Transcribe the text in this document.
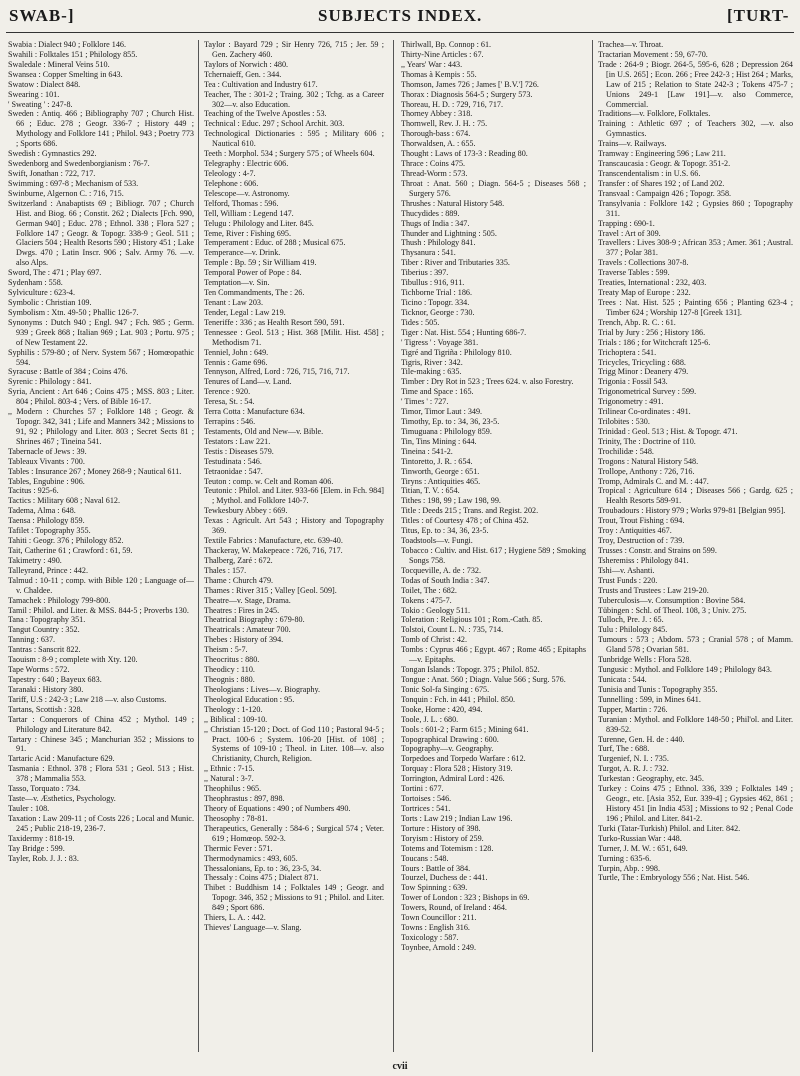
SWAB-]	SUBJECTS INDEX.	[TURT-
Swabia : Dialect 940 ; Folklore 146.
Swahili : Folktales 151 ; Philology 855.
Swaledale : Mineral Veins 510.
Swansea : Copper Smelting in 643.
Swatow : Dialect 848.
Swearing : 101.
' Sweating ' : 247-8.
Sweden : Antiq. 466 ; Bibliography 707 ; Church Hist. 66 ; Educ. 278 ; Geogr. 336-7 ; History 449 ; Mythology and Folklore 141 ; Philol. 943 ; Poetry 773 ; Sports 686.
Swedish : Gymnastics 292.
Swedenborg and Swedenborgianism : 76-7.
Swift, Jonathan : 722, 717.
Swimming : 697-8 ; Mechanism of 533.
Swinburne, Algernon C. : 716, 715.
Switzerland : Anabaptists 69 ; Bibliogr. 707 ; Church Hist. and Biog. 66 ; Constit. 262 ; Dialects [Fch. 990, German 940] ; Educ. 278 ; Ethnol. 338 ; Flora 527 ; Folklore 147 ; Geogr. & Topogr. 338-9 ; Geol. 511 ; Glaciers 504 ; Health Resorts 590 ; History 451 ; Lake Dwgs. 470 ; Latin Inscr. 906 ; Salv. Army 76. —v. also Alps.
Sword, The : 471 ; Play 697.
Sydenham : 558.
Sylviculture : 623-4.
Symbolic : Christian 109.
Symbolism : Xtn. 49-50 ; Phallic 126-7.
Synonyms : Dutch 940 ; Engl. 947 ; Fch. 985 ; Germ. 939 ; Greek 868 ; Italian 969 ; Lat. 903 ; Portu. 975 ; of New Testament 22.
Syphilis : 579-80 ; of Nerv. System 567 ; Homœopathic 594.
Syracuse : Battle of 384 ; Coins 476.
Syrenic : Philology : 841.
Syria, Ancient : Art 646 ; Coins 475 ; MSS. 803 ; Liter. 804 ; Philol. 803-4 ; Vers. of Bible 16-17.
,, Modern : Churches 57 ; Folklore 148 ; Geogr. & Topogr. 342, 341 ; Life and Manners 342 ; Missions to 91, 92 ; Philology and Liter. 803 ; Secret Sects 81 ; Shrines 467 ; Tineina 541.
Tabernacle of Jews : 39.
Tableaux Vivants : 700.
Tables : Insurance 267 ; Money 268-9 ; Nautical 611.
Tables, Engubine : 906.
Tacitus : 925-6.
Tactics : Military 608 ; Naval 612.
Tadema, Alma : 648.
Taensa : Philology 859.
Tafilet : Topography 355.
Tahiti : Geogr. 376 ; Philology 852.
Tait, Catherine 61 ; Crawford : 61, 59.
Takimetry : 490.
Talleyrand, Prince : 442.
Talmud : 10-11 ; comp. with Bible 120 ; Language of—v. Chaldee.
Tamachek : Philology 799-800.
Tamil : Philol. and Liter. & MSS. 844-5 ; Proverbs 130.
Tana : Topography 351.
Tangut Country : 352.
Tanning : 637.
Tantras : Sanscrit 822.
Taouism : 8-9 ; complete with Xty. 120.
Tape Worms : 572.
Tapestry : 640 ; Bayeux 683.
Taranaki : History 380.
Tariff, U.S : 242-3 ; Law 218 —v. also Customs.
Tartans, Scottish : 328.
Tartar : Conquerors of China 452 ; Mythol. 149 ; Philology and Literature 842.
Tartary : Chinese 345 ; Manchurian 352 ; Missions to 91.
Tartaric Acid : Manufacture 629.
Tasmania : Ethnol. 378 ; Flora 531 ; Geol. 513 ; Hist. 378 ; Mammalia 553.
Tasso, Torquato : 734.
Taste—v. Æsthetics, Psychology.
Tauler : 108.
Taxation : Law 209-11 ; of Costs 226 ; Local and Munic. 245 ; Public 218-19, 236-7.
Taxidermy : 818-19.
Tay Bridge : 599.
Tayler, Rob. J. J. : 83.
Taylor : Bayard 729 ; Sir Henry 726, 715 ; Jer. 59 ; Gen. Zachery 460.
Taylors of Norwich : 480.
Tchernaieff, Gen. : 344.
Tea : Cultivation and Industry 617.
Teacher, The : 301-2 ; Traing. 302 ; Tchg. as a Career 302—v. also Education.
Teaching of the Twelve Apostles : 53.
Technical : Educ. 297 ; School Archit. 303.
Technological Dictionaries : 595 ; Military 606 ; Nautical 610.
Teeth : Morphol. 534 ; Surgery 575 ; of Wheels 604.
Telegraphy : Electric 606.
Teleology : 4-7.
Telephone : 606.
Telescope—v. Astronomy.
Telford, Thomas : 596.
Tell, William : Legend 147.
Telugu : Philology and Liter. 845.
Teme, River : Fishing 695.
Temperament : Educ. of 288 ; Musical 675.
Temperance—v. Drink.
Temple : Bp. 59 ; Sir William 419.
Temporal Power of Pope : 84.
Temptation—v. Sin.
Ten Commandments, The : 26.
Tenant : Law 203.
Tender, Legal : Law 219.
Teneriffe : 336 ; as Health Resort 590, 591.
Tennessee : Geol. 513 ; Hist. 368 [Milit. Hist. 458] ; Methodism 71.
Tenniel, John : 649.
Tennis : Game 696.
Tennyson, Alfred, Lord : 726, 715, 716, 717.
Tenures of Land—v. Land.
Terence : 920.
Teresa, St. : 54.
Terra Cotta : Manufacture 634.
Terrapins : 546.
Testaments, Old and New—v. Bible.
Testators : Law 221.
Testis : Diseases 579.
Testudinata : 546.
Tetraonidae : 547.
Teuton : comp. w. Celt and Roman 406.
Teutonic : Philol. and Liter. 933-66 [Elem. in Fch. 984] ; Mythol. and Folklore 140-7.
Tewkesbury Abbey : 669.
Texas : Agricult. Art 543 ; History and Topography 369.
Textile Fabrics : Manufacture, etc. 639-40.
Thackeray, W. Makepeace : 726, 716, 717.
Thalberg, Zaré : 672.
Thales : 157.
Thame : Church 479.
Thames : River 315 ; Valley [Geol. 509].
Theatre—v. Stage, Drama.
Theatres : Fires in 245.
Theatrical Biography : 679-80.
Theatricals : Amateur 700.
Thebes : History of 394.
Theism : 5-7.
Theocritus : 880.
Theodicy : 110.
Theognis : 880.
Theologians : Lives—v. Biography.
Theological Education : 95.
Theology : 1-120.
,, Biblical : 109-10.
,, Christian 15-120 ; Doct. of God 110 ; Pastoral 94-5 ; Pract. 100-6 ; System. 106-20 [Hist. of 108] ; Systems of 109-10 ; Theol. in Liter. 108—v. also Christianity, Church, Religion.
,, Ethnic : 7-15.
,, Natural : 3-7.
Theophilus : 965.
Theophrastus : 897, 898.
Theory of Equations : 490 ; of Numbers 490.
Theosophy : 78-81.
Therapeutics, Generally : 584-6 ; Surgical 574 ; Veter. 619 ; Homœop. 592-3.
Thermic Fever : 571.
Thermodynamics : 493, 605.
Thessalonians, Ep. to : 36, 23-5, 34.
Thessaly : Coins 475 ; Dialect 871.
Thibet : Buddhism 14 ; Folktales 149 ; Geogr. and Topogr. 346, 352 ; Missions to 91 ; Philol. and Liter. 849 ; Sport 686.
Thiers, L. A. : 442.
Thieves' Language—v. Slang.
Thirlwall, Bp. Connop : 61.
Thirty-Nine Articles : 67.
,, Years' War : 443.
Thomas à Kempis : 55.
Thomson, James 726 ; James [' B.V.'] 726.
Thorax : Diagnosis 564-5 ; Surgery 573.
Thoreau, H. D. : 729, 716, 717.
Thorney Abbey : 318.
Thornwell, Rev. J. H. : 75.
Thorough-bass : 674.
Thorwaldsen, A. : 655.
Thought : Laws of 173-3 : Reading 80.
Thrace : Coins 475.
Thread-Worm : 573.
Throat : Anat. 560 ; Diagn. 564-5 ; Diseases 568 ; Surgery 576.
Thrushes : Natural History 548.
Thucydides : 889.
Thugs of India : 347.
Thunder and Lightning : 505.
Thush : Philology 841.
Thysanura : 541.
Tiber : River and Tributaries 335.
Tiberius : 397.
Tibullus : 916, 911.
Tichborne Trial : 186.
Ticino : Topogr. 334.
Ticknor, George : 730.
Tides : 505.
Tiger : Nat. Hist. 554 ; Hunting 686-7.
' Tigress ' : Voyage 381.
Tigré and Tigriña : Philology 810.
Tigris, River : 342.
Tile-making : 635.
Timber : Dry Rot in 523 ; Trees 624. v. also Forestry.
Time and Space : 165.
' Times ' : 727.
Timor, Timor Laut : 349.
Timothy, Ep. to : 34, 36, 23-5.
Timuguana : Philology 859.
Tin, Tins Mining : 644.
Tineina : 541-2.
Tintoretto, J. R. : 654.
Tinworth, George : 651.
Tiryns : Antiquities 465.
Titian, T. V. : 654.
Tithes : 198, 99 ; Law 198, 99.
Title : Deeds 215 ; Trans. and Regist. 202.
Titles : of Courtesy 478 ; of China 452.
Titus, Ep. to : 34, 36, 23-5.
Toadstools—v. Fungi.
Tobacco : Cultiv. and Hist. 617 ; Hygiene 589 ; Smoking Songs 758.
Tocqueville, A. de : 732.
Todas of South India : 347.
Toilet, The : 682.
Tokens : 475-7.
Tokio : Geology 511.
Toleration : Religious 101 ; Rom.-Cath. 85.
Tolstoi, Count L. N. : 735, 714.
Tomb of Christ : 42.
Tombs : Cyprus 466 ; Egypt. 467 ; Rome 465 ; Epitaphs—v. Epitaphs.
Tongan Islands : Topogr. 375 ; Philol. 852.
Tongue : Anat. 560 ; Diagn. Value 566 ; Surg. 576.
Tonic Sol-fa Singing : 675.
Tonquin : Fch. in 441 ; Philol. 850.
Tooke, Horne : 420, 494.
Toole, J. L. : 680.
Tools : 601-2 ; Farm 615 ; Mining 641.
Topographical Drawing : 600.
Topography—v. Geography.
Torpedoes and Torpedo Warfare : 612.
Torquay : Flora 528 ; History 319.
Torrington, Admiral Lord : 426.
Tortini : 677.
Tortoises : 546.
Tortrices : 541.
Torts : Law 219 ; Indian Law 196.
Torture : History of 398.
Toryism : History of 259.
Totems and Totemism : 128.
Toucans : 548.
Tours : Battle of 384.
Tourzel, Duchess de : 441.
Tow Spinning : 639.
Tower of London : 323 ; Bishops in 69.
Towers, Round, of Ireland : 464.
Town Councillor : 211.
Towns : English 316.
Toxicology : 587.
Toynbee, Arnold : 249.
Trachea—v. Throat.
Tractarian Movement : 59, 67-70.
Trade : 264-9 ; Biogr. 264-5, 595-6, 628 ; Depression 264 [in U.S. 265] ; Econ. 266 ; Free 242-3 ; Hist 264 ; Marks, Law of 215 ; Relation to State 242-3 ; Tokens 475-7 ; Unions 249-1 [Law 191]—v. also Commerce, Commercial.
Traditions—v. Folklore, Folktales.
Training : Athletic 697 ; of Teachers 302, —v. also Gymnastics.
Trains—v. Railways.
Tramway : Engineering 596 ; Law 211.
Transcaucasia : Geogr. & Topogr. 351-2.
Transcendentalism : in U.S. 66.
Transfer : of Shares 192 ; of Land 202.
Transvaal : Campaign 426 ; Topogr. 358.
Transylvania : Folklore 142 ; Gypsies 860 ; Topography 311.
Trapping : 690-1.
Travel : Art of 309.
Travellers : Lives 308-9 ; African 353 ; Amer. 361 ; Austral. 377 ; Polar 381.
Travels : Collections 307-8.
Traverse Tables : 599.
Treaties, International : 232, 403.
Treaty Map of Europe : 232.
Trees : Nat. Hist. 525 ; Painting 656 ; Planting 623-4 ; Timber 624 ; Worship 127-8 [Greek 131].
Trench, Abp. R. C. : 61.
Trial by Jury : 256 ; History 186.
Trials : 186 ; for Witchcraft 125-6.
Trichoptera : 541.
Tricycles, Tricycling : 688.
Trigg Minor : Deanery 479.
Trigonia : Fossil 543.
Trigonometrical Survey : 599.
Trigonometry : 491.
Trilinear Co-ordinates : 491.
Trilobites : 530.
Trinidad : Geol. 513 ; Hist. & Topogr. 471.
Trinity, The : Doctrine of 110.
Trochilidæ : 548.
Trogons : Natural History 548.
Trollope, Anthony : 726, 716.
Tromp, Admirals C. and M. : 447.
Tropical : Agriculture 614 ; Diseases 566 ; Gardg. 625 ; Health Resorts 589-91.
Troubadours : History 979 ; Works 979-81 [Belgian 995].
Trout, Trout Fishing : 694.
Troy : Antiquities 467.
Troy, Destruction of : 739.
Trusses : Constr. and Strains on 599.
Tsheremiss : Philology 841.
Tshi—v. Ashanti.
Trust Funds : 220.
Trusts and Trustees : Law 219-20.
Tuberculosis—v. Consumption : Bovine 584.
Tübingen : Schl. of Theol. 108, 3 ; Univ. 275.
Tulloch, Pre. J. : 65.
Tulu : Philology 845.
Tumours : 573 ; Abdom. 573 ; Cranial 578 ; of Mamm. Gland 578 ; Ovarian 581.
Tunbridge Wells : Flora 528.
Tungusic : Mythol. and Folklore 149 ; Philology 843.
Tunicata : 544.
Tunisia and Tunis : Topography 355.
Tunnelling : 599, in Mines 641.
Tupper, Martin : 726.
Turanian : Mythol. and Folklore 148-50 ; Phil'ol. and Liter. 839-52.
Turenne, Gen. H. de : 440.
Turf, The : 688.
Turgenief, N. I. : 735.
Turgot, A. R. J. : 732.
Turkestan : Geography, etc. 345.
Turkey : Coins 475 ; Ethnol. 336, 339 ; Folktales 149 ; Geogr., etc. [Asia 352, Eur. 339-4] ; Gypsies 462, 861 ; History 451 [in India 453] ; Missions to 92 ; Penal Code 196 ; Philol. and Liter. 841-2.
Turki (Tatar-Turkish) Philol. and Liter. 842.
Turko-Russian War : 448.
Turner, J. M. W. : 651, 649.
Turning : 635-6.
Turpin, Abp. : 998.
Turtle, The : Embryology 556 ; Nat. Hist. 546.
cvii
